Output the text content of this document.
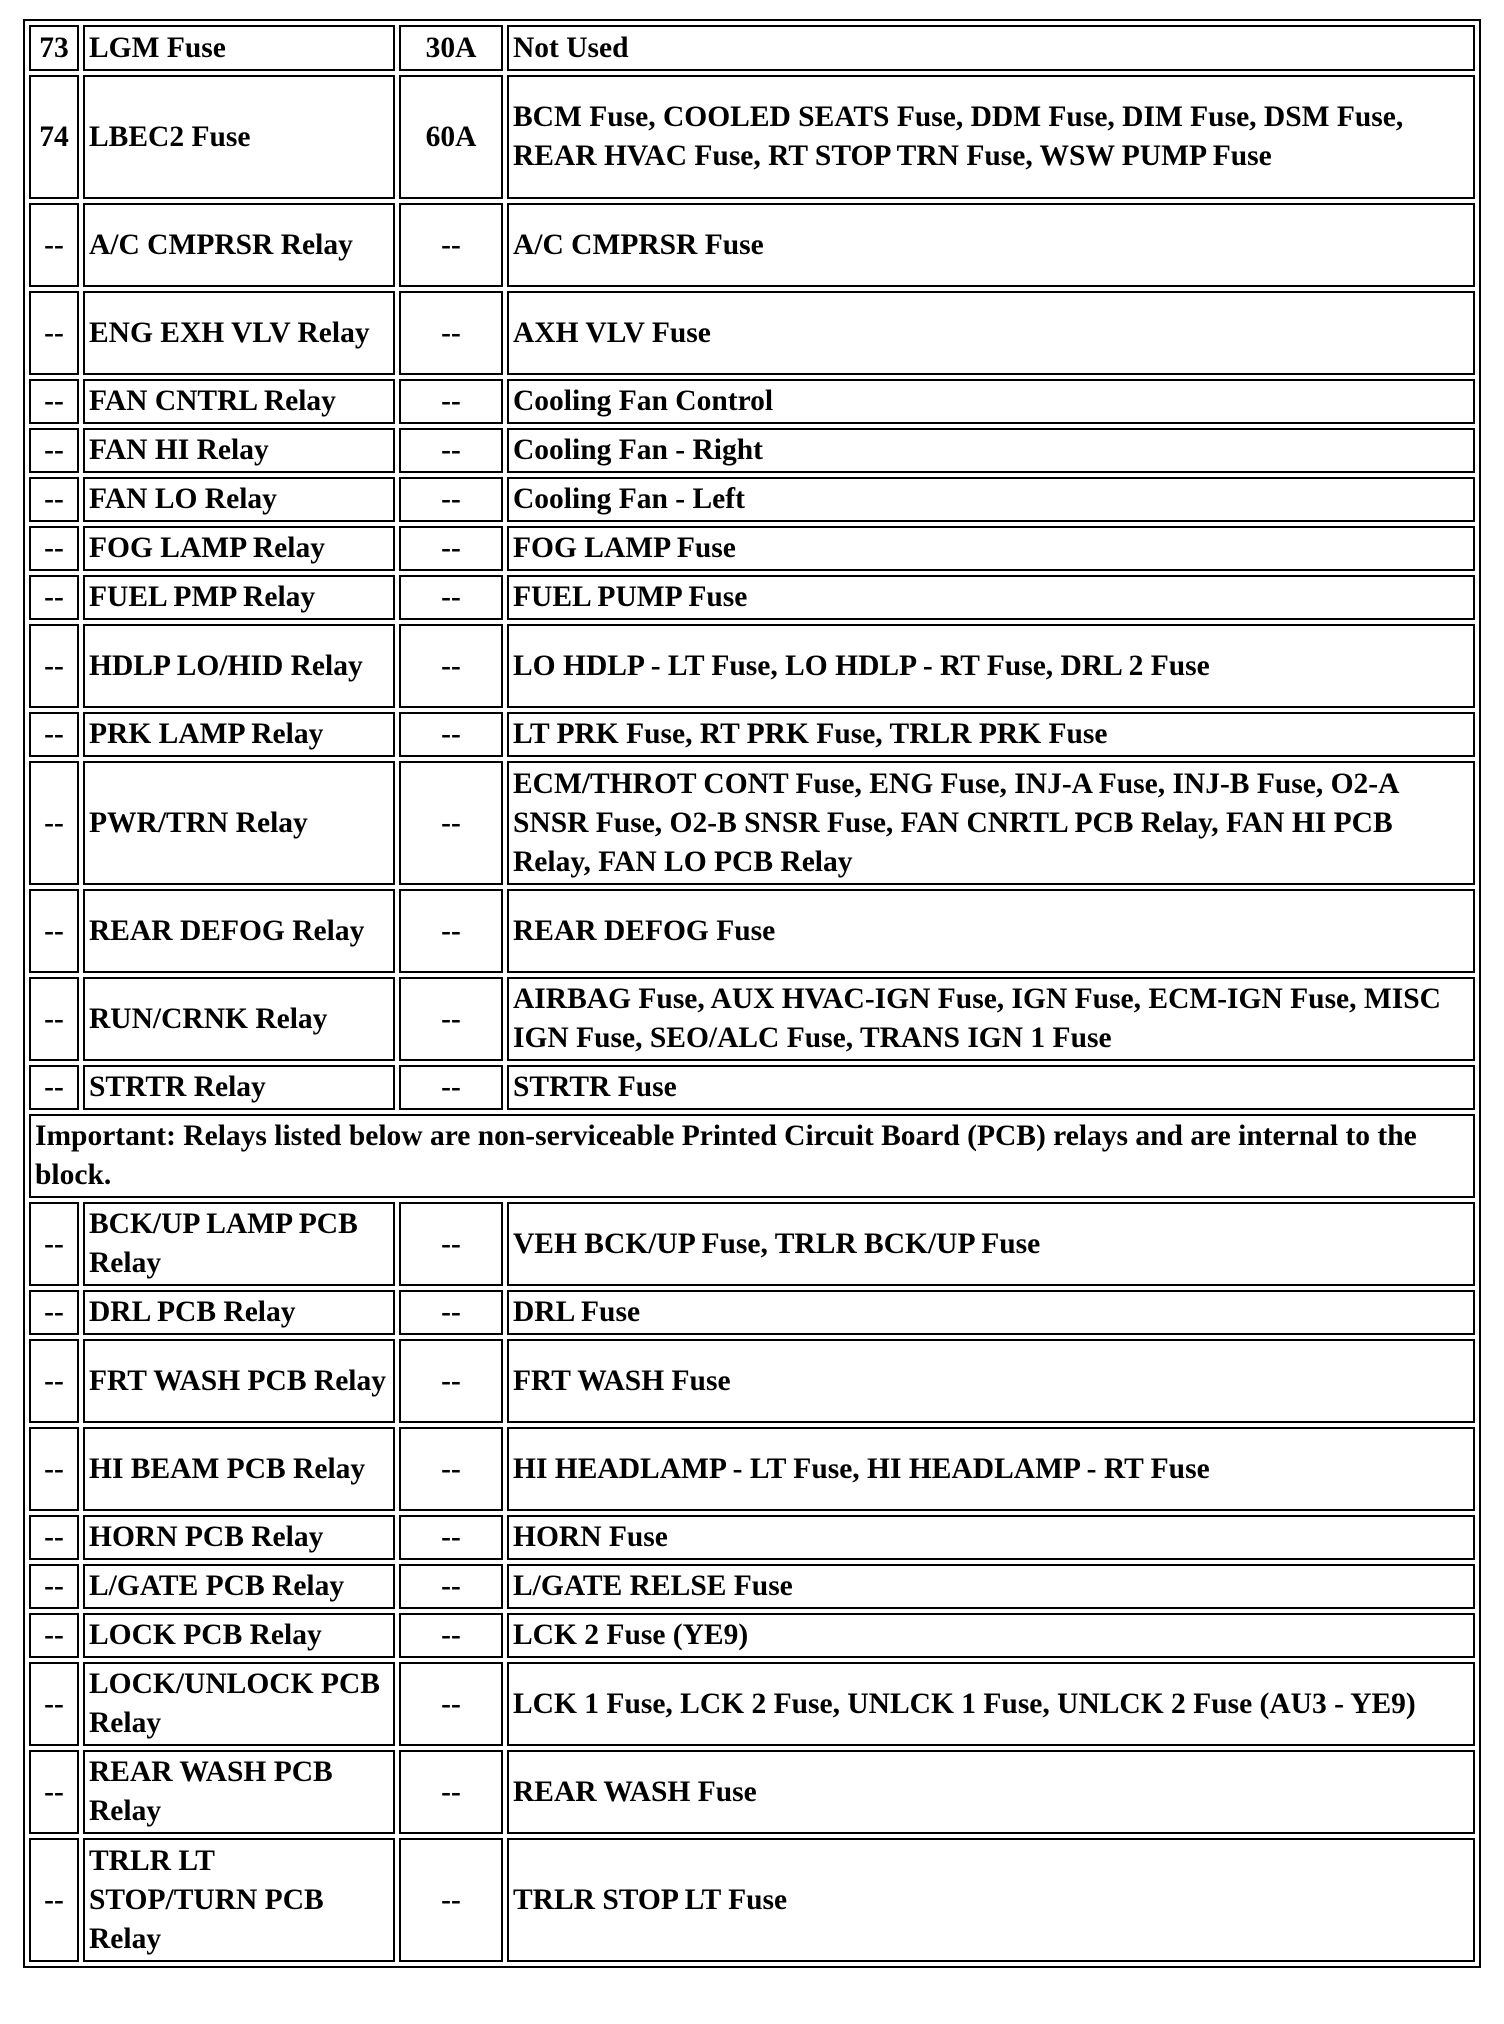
73	LGM Fuse	30A	Not Used
74	LBEC2 Fuse	60A	BCM Fuse, COOLED SEATS Fuse, DDM Fuse, DIM Fuse, DSM Fuse, REAR HVAC Fuse, RT STOP TRN Fuse, WSW PUMP Fuse
--	A/C CMPRSR Relay	--	A/C CMPRSR Fuse
--	ENG EXH VLV Relay	--	AXH VLV Fuse
--	FAN CNTRL Relay	--	Cooling Fan Control
--	FAN HI Relay	--	Cooling Fan - Right
--	FAN LO Relay	--	Cooling Fan - Left
--	FOG LAMP Relay	--	FOG LAMP Fuse
--	FUEL PMP Relay	--	FUEL PUMP Fuse
--	HDLP LO/HID Relay	--	LO HDLP - LT Fuse, LO HDLP - RT Fuse, DRL 2 Fuse
--	PRK LAMP Relay	--	LT PRK Fuse, RT PRK Fuse, TRLR PRK Fuse
--	PWR/TRN Relay	--	ECM/THROT CONT Fuse, ENG Fuse, INJ-A Fuse, INJ-B Fuse, O2-A SNSR Fuse, O2-B SNSR Fuse, FAN CNRTL PCB Relay, FAN HI PCB Relay, FAN LO PCB Relay
--	REAR DEFOG Relay	--	REAR DEFOG Fuse
--	RUN/CRNK Relay	--	AIRBAG Fuse, AUX HVAC-IGN Fuse, IGN Fuse, ECM-IGN Fuse, MISC IGN Fuse, SEO/ALC Fuse, TRANS IGN 1 Fuse
--	STRTR Relay	--	STRTR Fuse
Important: Relays listed below are non-serviceable Printed Circuit Board (PCB) relays and are internal to the block.			
--	BCK/UP LAMP PCB Relay	--	VEH BCK/UP Fuse, TRLR BCK/UP Fuse
--	DRL PCB Relay	--	DRL Fuse
--	FRT WASH PCB Relay	--	FRT WASH Fuse
--	HI BEAM PCB Relay	--	HI HEADLAMP - LT Fuse, HI HEADLAMP - RT Fuse
--	HORN PCB Relay	--	HORN Fuse
--	L/GATE PCB Relay	--	L/GATE RELSE Fuse
--	LOCK PCB Relay	--	LCK 2 Fuse (YE9)
--	LOCK/UNLOCK PCB Relay	--	LCK 1 Fuse, LCK 2 Fuse, UNLCK 1 Fuse, UNLCK 2 Fuse (AU3 - YE9)
--	REAR WASH PCB Relay	--	REAR WASH Fuse
--	TRLR LT STOP/TURN PCB Relay	--	TRLR STOP LT Fuse
